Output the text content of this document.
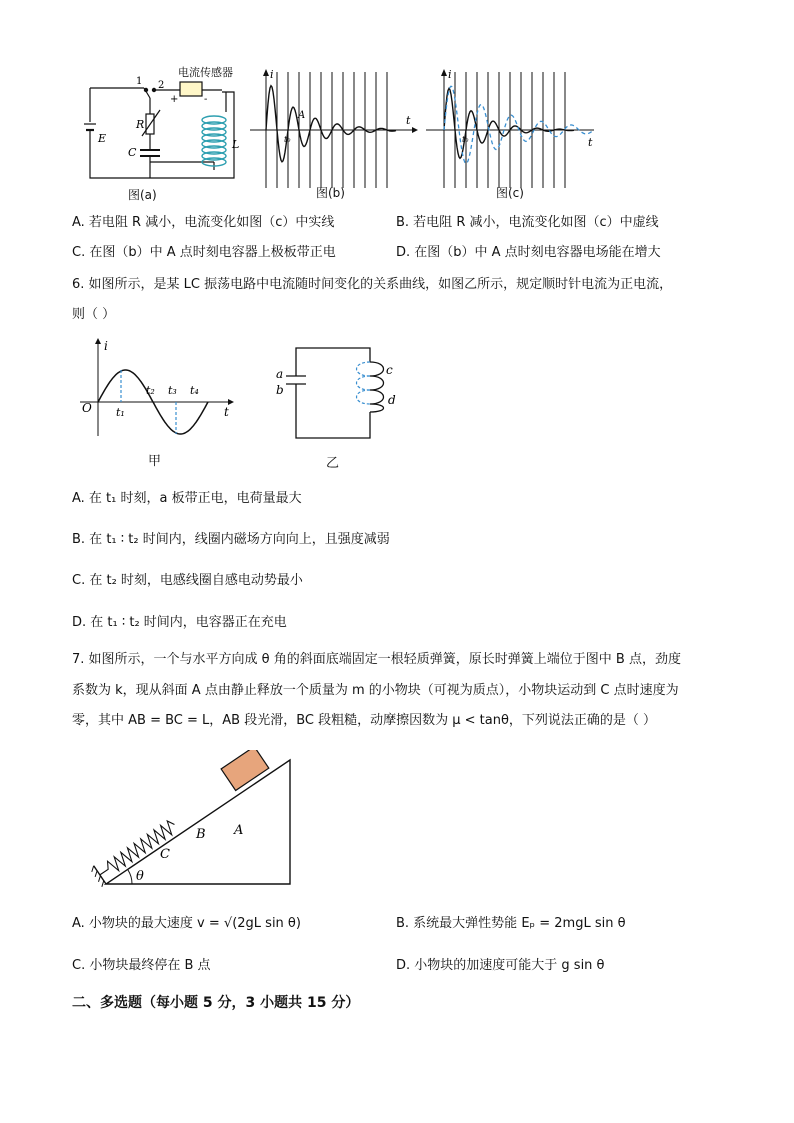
E
R
C
L
1 2
+	-
电流传感器
图(a)
i
t
A
t₀
图(b)
i
t
t₀
图(c)
A. 若电阻 R 减小，电流变化如图（c）中实线	B. 若电阻 R 减小，电流变化如图（c）中虚线
C. 在图（b）中 A 点时刻电容器上极板带正电	D. 在图（b）中 A 点时刻电容器电场能在增大
6. 如图所示，是某 LC 振荡电路中电流随时间变化的关系曲线，如图乙所示，规定顺时针电流为正电流，
则（ ）
i
O	t
t₁
t₂ t₃ t₄
甲
a
b
c
d
乙
A. 在 t₁ 时刻，a 板带正电，电荷量最大
B. 在 t₁ ∶ t₂ 时间内，线圈内磁场方向向上，且强度减弱
C. 在 t₂ 时刻，电感线圈自感电动势最小
D. 在 t₁ ∶ t₂ 时间内，电容器正在充电
7. 如图所示，一个与水平方向成 θ 角的斜面底端固定一根轻质弹簧，原长时弹簧上端位于图中 B 点，劲度
系数为 k，现从斜面 A 点由静止释放一个质量为 m 的小物块（可视为质点），小物块运动到 C 点时速度为
零，其中 AB = BC = L，AB 段光滑，BC 段粗糙，动摩擦因数为 μ < tanθ，下列说法正确的是（ ）
θ
A
B
C
A. 小物块的最大速度 v = √(2gL sin θ)	B. 系统最大弹性势能 Eₚ = 2mgL sin θ
C. 小物块最终停在 B 点	D. 小物块的加速度可能大于 g sin θ
二、多选题（每小题 5 分，3 小题共 15 分）
